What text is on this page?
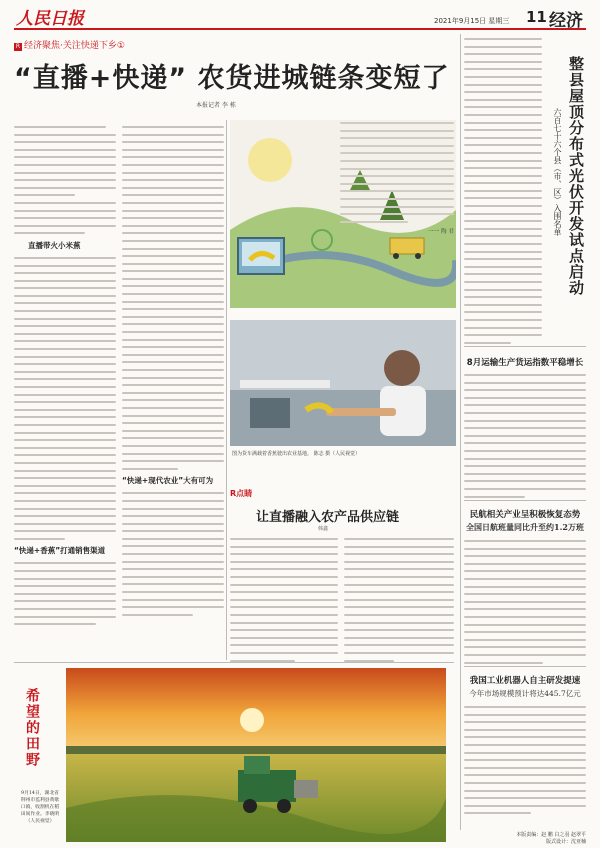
人民日报	2021年9月15日 星期三 11 经济
R 经济聚焦·关注快递下乡①
“直播+快递” 农货进城链条变短了
本报记者 李 栋
直播带火小米蕉
“快递+香蕉”打通销售渠道
“快递+现代农业”大有可为
一一 陶 君
图为货车满载着香蕉驶出农业基地。 陈志 摄（人民视觉）
R点睛
让直播融入农产品供应链
韩鑫
整县屋顶分布式光伏开发试点启动
六百七十六个县（市、区）入围名单
8月运输生产货运指数平稳增长
民航相关产业呈积极恢复态势
全国日航班量同比升至约1.2万班
我国工业机器人自主研发提速
今年市场规模预计将达445.7亿元
希望的田野
9月14日，湖北省荆州市监利县黄歇口镇，收割机在稻田间作业。李晓明（人民视觉）
本版责编：赵 鹏 白之羽 赵翠平
版式设计：沈亚楠
